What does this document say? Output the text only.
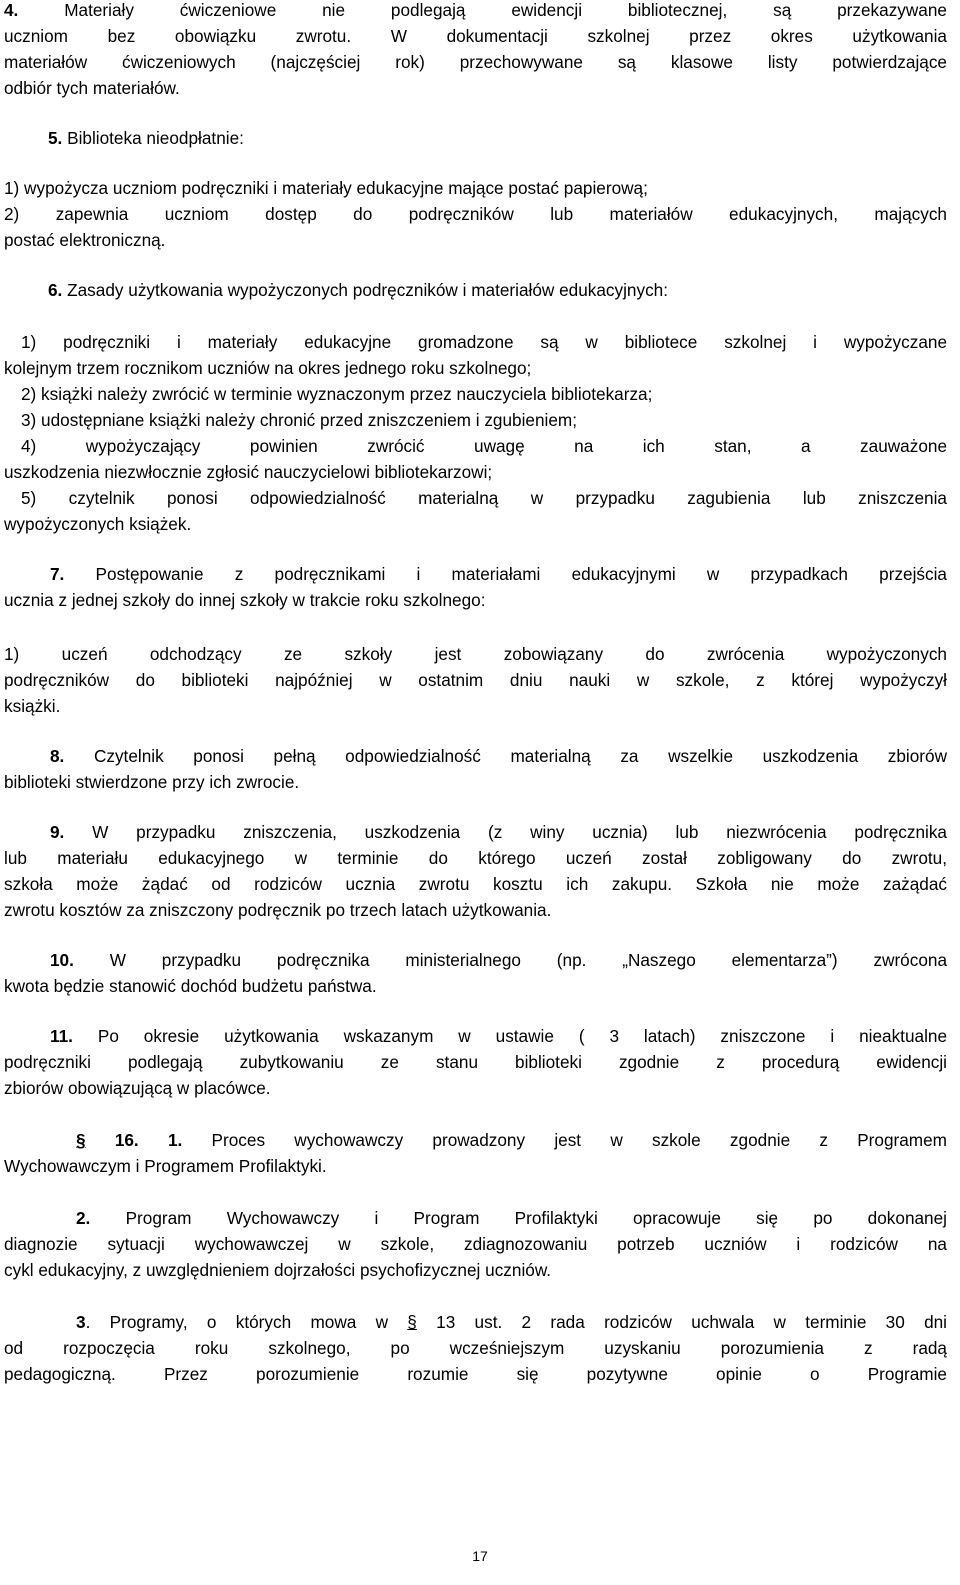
4.	Materiały ćwiczeniowe nie podlegają ewidencji bibliotecznej, są przekazywane

uczniom bez obowiązku zwrotu. W dokumentacji szkolnej przez okres użytkowania

materiałów ćwiczeniowych (najczęściej rok) przechowywane są klasowe listy potwierdzające

odbiór tych materiałów.

5. Biblioteka nieodpłatnie:

1) wypożycza uczniom podręczniki i materiały edukacyjne mające postać papierową;

2) zapewnia uczniom dostęp do podręczników lub materiałów edukacyjnych, mających

postać elektroniczną.

6. Zasady użytkowania wypożyczonych podręczników i materiałów edukacyjnych:

1) podręczniki i materiały edukacyjne gromadzone są w bibliotece szkolnej i wypożyczane

kolejnym trzem rocznikom uczniów na okres jednego roku szkolnego;

2) książki należy zwrócić w terminie wyznaczonym przez nauczyciela bibliotekarza;

3) udostępniane książki należy chronić przed zniszczeniem i zgubieniem;

4) wypożyczający powinien zwrócić uwagę na ich stan, a zauważone

uszkodzenia niezwłocznie zgłosić nauczycielowi bibliotekarzowi;

5) czytelnik ponosi odpowiedzialność materialną w przypadku zagubienia lub zniszczenia

wypożyczonych książek.

7. Postępowanie z podręcznikami i materiałami edukacyjnymi w przypadkach przejścia

ucznia z jednej szkoły do innej szkoły w trakcie roku szkolnego:

1) uczeń odchodzący ze szkoły jest zobowiązany do zwrócenia wypożyczonych

podręczników do biblioteki najpóźniej w ostatnim dniu nauki w szkole, z której wypożyczył

książki.

8. Czytelnik ponosi pełną odpowiedzialność materialną za wszelkie uszkodzenia zbiorów

biblioteki stwierdzone przy ich zwrocie.

9. W przypadku zniszczenia, uszkodzenia (z winy ucznia) lub niezwrócenia podręcznika

lub materiału edukacyjnego w terminie do którego uczeń został zobligowany do zwrotu,

szkoła może żądać od rodziców ucznia zwrotu kosztu ich zakupu. Szkoła nie może zażądać

zwrotu kosztów za zniszczony podręcznik po trzech latach użytkowania.

10. W przypadku podręcznika ministerialnego (np. „Naszego elementarza”) zwrócona

kwota będzie stanowić dochód budżetu państwa.

11. Po okresie użytkowania wskazanym w ustawie ( 3 latach) zniszczone i nieaktualne

podręczniki podlegają zubytkowaniu ze stanu biblioteki zgodnie z procedurą ewidencji

zbiorów obowiązującą w placówce.

§ 16. 1. Proces wychowawczy prowadzony jest w szkole zgodnie z Programem

Wychowawczym i Programem Profilaktyki.

2. Program Wychowawczy i Program Profilaktyki opracowuje się po dokonanej

diagnozie sytuacji wychowawczej w szkole, zdiagnozowaniu potrzeb uczniów i rodziców na

cykl edukacyjny, z uwzględnieniem dojrzałości psychofizycznej uczniów.

3. Programy, o których mowa w § 13 ust. 2 rada rodziców uchwala w terminie 30 dni

od rozpoczęcia roku szkolnego, po wcześniejszym uzyskaniu porozumienia z radą

pedagogiczną. Przez porozumienie rozumie się pozytywne opinie o Programie

17
